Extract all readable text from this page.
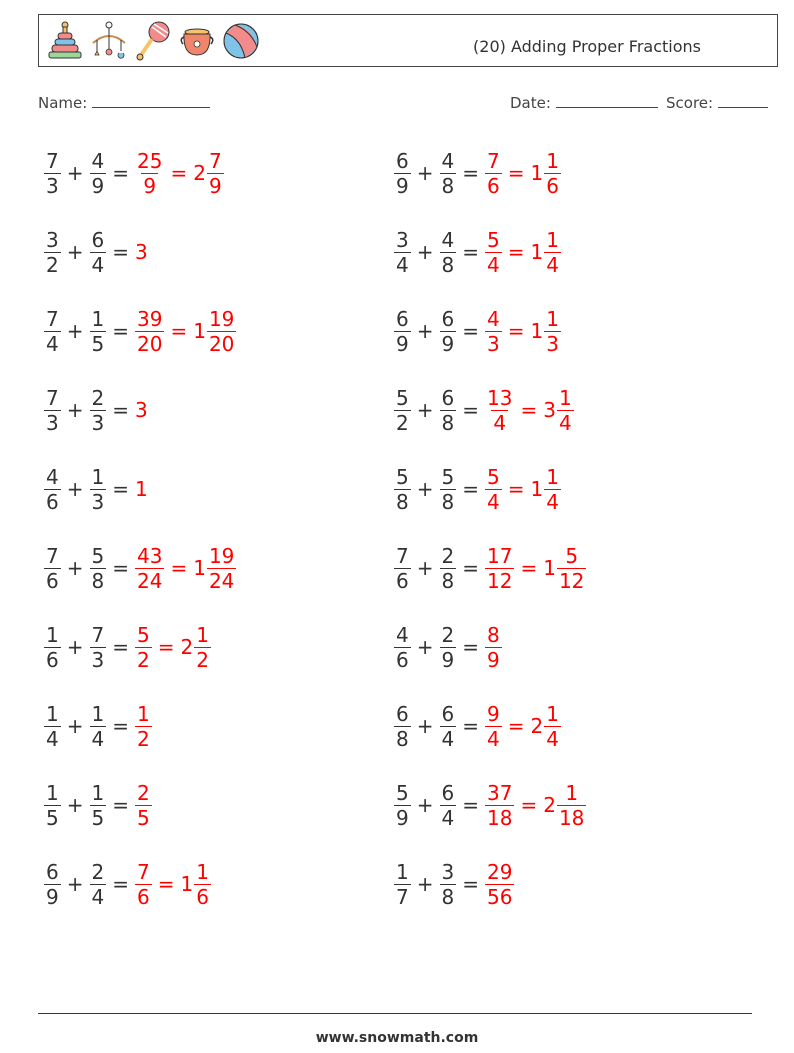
(20) Adding Proper Fractions
Name:	Date:	Score:
$\frac{7}{3} + \frac{4}{9} = \frac{25}{9} = 2 \frac{7}{9}$
$\frac{3}{2} + \frac{6}{4} = 3$
$\frac{7}{4} + \frac{1}{5} = \frac{39}{20} = 1 \frac{19}{20}$
$\frac{7}{3} + \frac{2}{3} = 3$
$\frac{4}{6} + \frac{1}{3} = 1$
$\frac{7}{6} + \frac{5}{8} = \frac{43}{24} = 1 \frac{19}{24}$
$\frac{1}{6} + \frac{7}{3} = \frac{5}{2} = 2 \frac{1}{2}$
$\frac{1}{4} + \frac{1}{4} = \frac{1}{2}$
$\frac{1}{5} + \frac{1}{5} = \frac{2}{5}$
$\frac{6}{9} + \frac{2}{4} = \frac{7}{6} = 1 \frac{1}{6}$
$\frac{6}{9} + \frac{4}{8} = \frac{7}{6} = 1 \frac{1}{6}$
$\frac{3}{4} + \frac{4}{8} = \frac{5}{4} = 1 \frac{1}{4}$
$\frac{6}{9} + \frac{6}{9} = \frac{4}{3} = 1 \frac{1}{3}$
$\frac{5}{2} + \frac{6}{8} = \frac{13}{4} = 3 \frac{1}{4}$
$\frac{5}{8} + \frac{5}{8} = \frac{5}{4} = 1 \frac{1}{4}$
$\frac{7}{6} + \frac{2}{8} = \frac{17}{12} = 1 \frac{5}{12}$
$\frac{4}{6} + \frac{2}{9} = \frac{8}{9}$
$\frac{6}{8} + \frac{6}{4} = \frac{9}{4} = 2 \frac{1}{4}$
$\frac{5}{9} + \frac{6}{4} = \frac{37}{18} = 2 \frac{1}{18}$
$\frac{1}{7} + \frac{3}{8} = \frac{29}{56}$
www.snowmath.com
